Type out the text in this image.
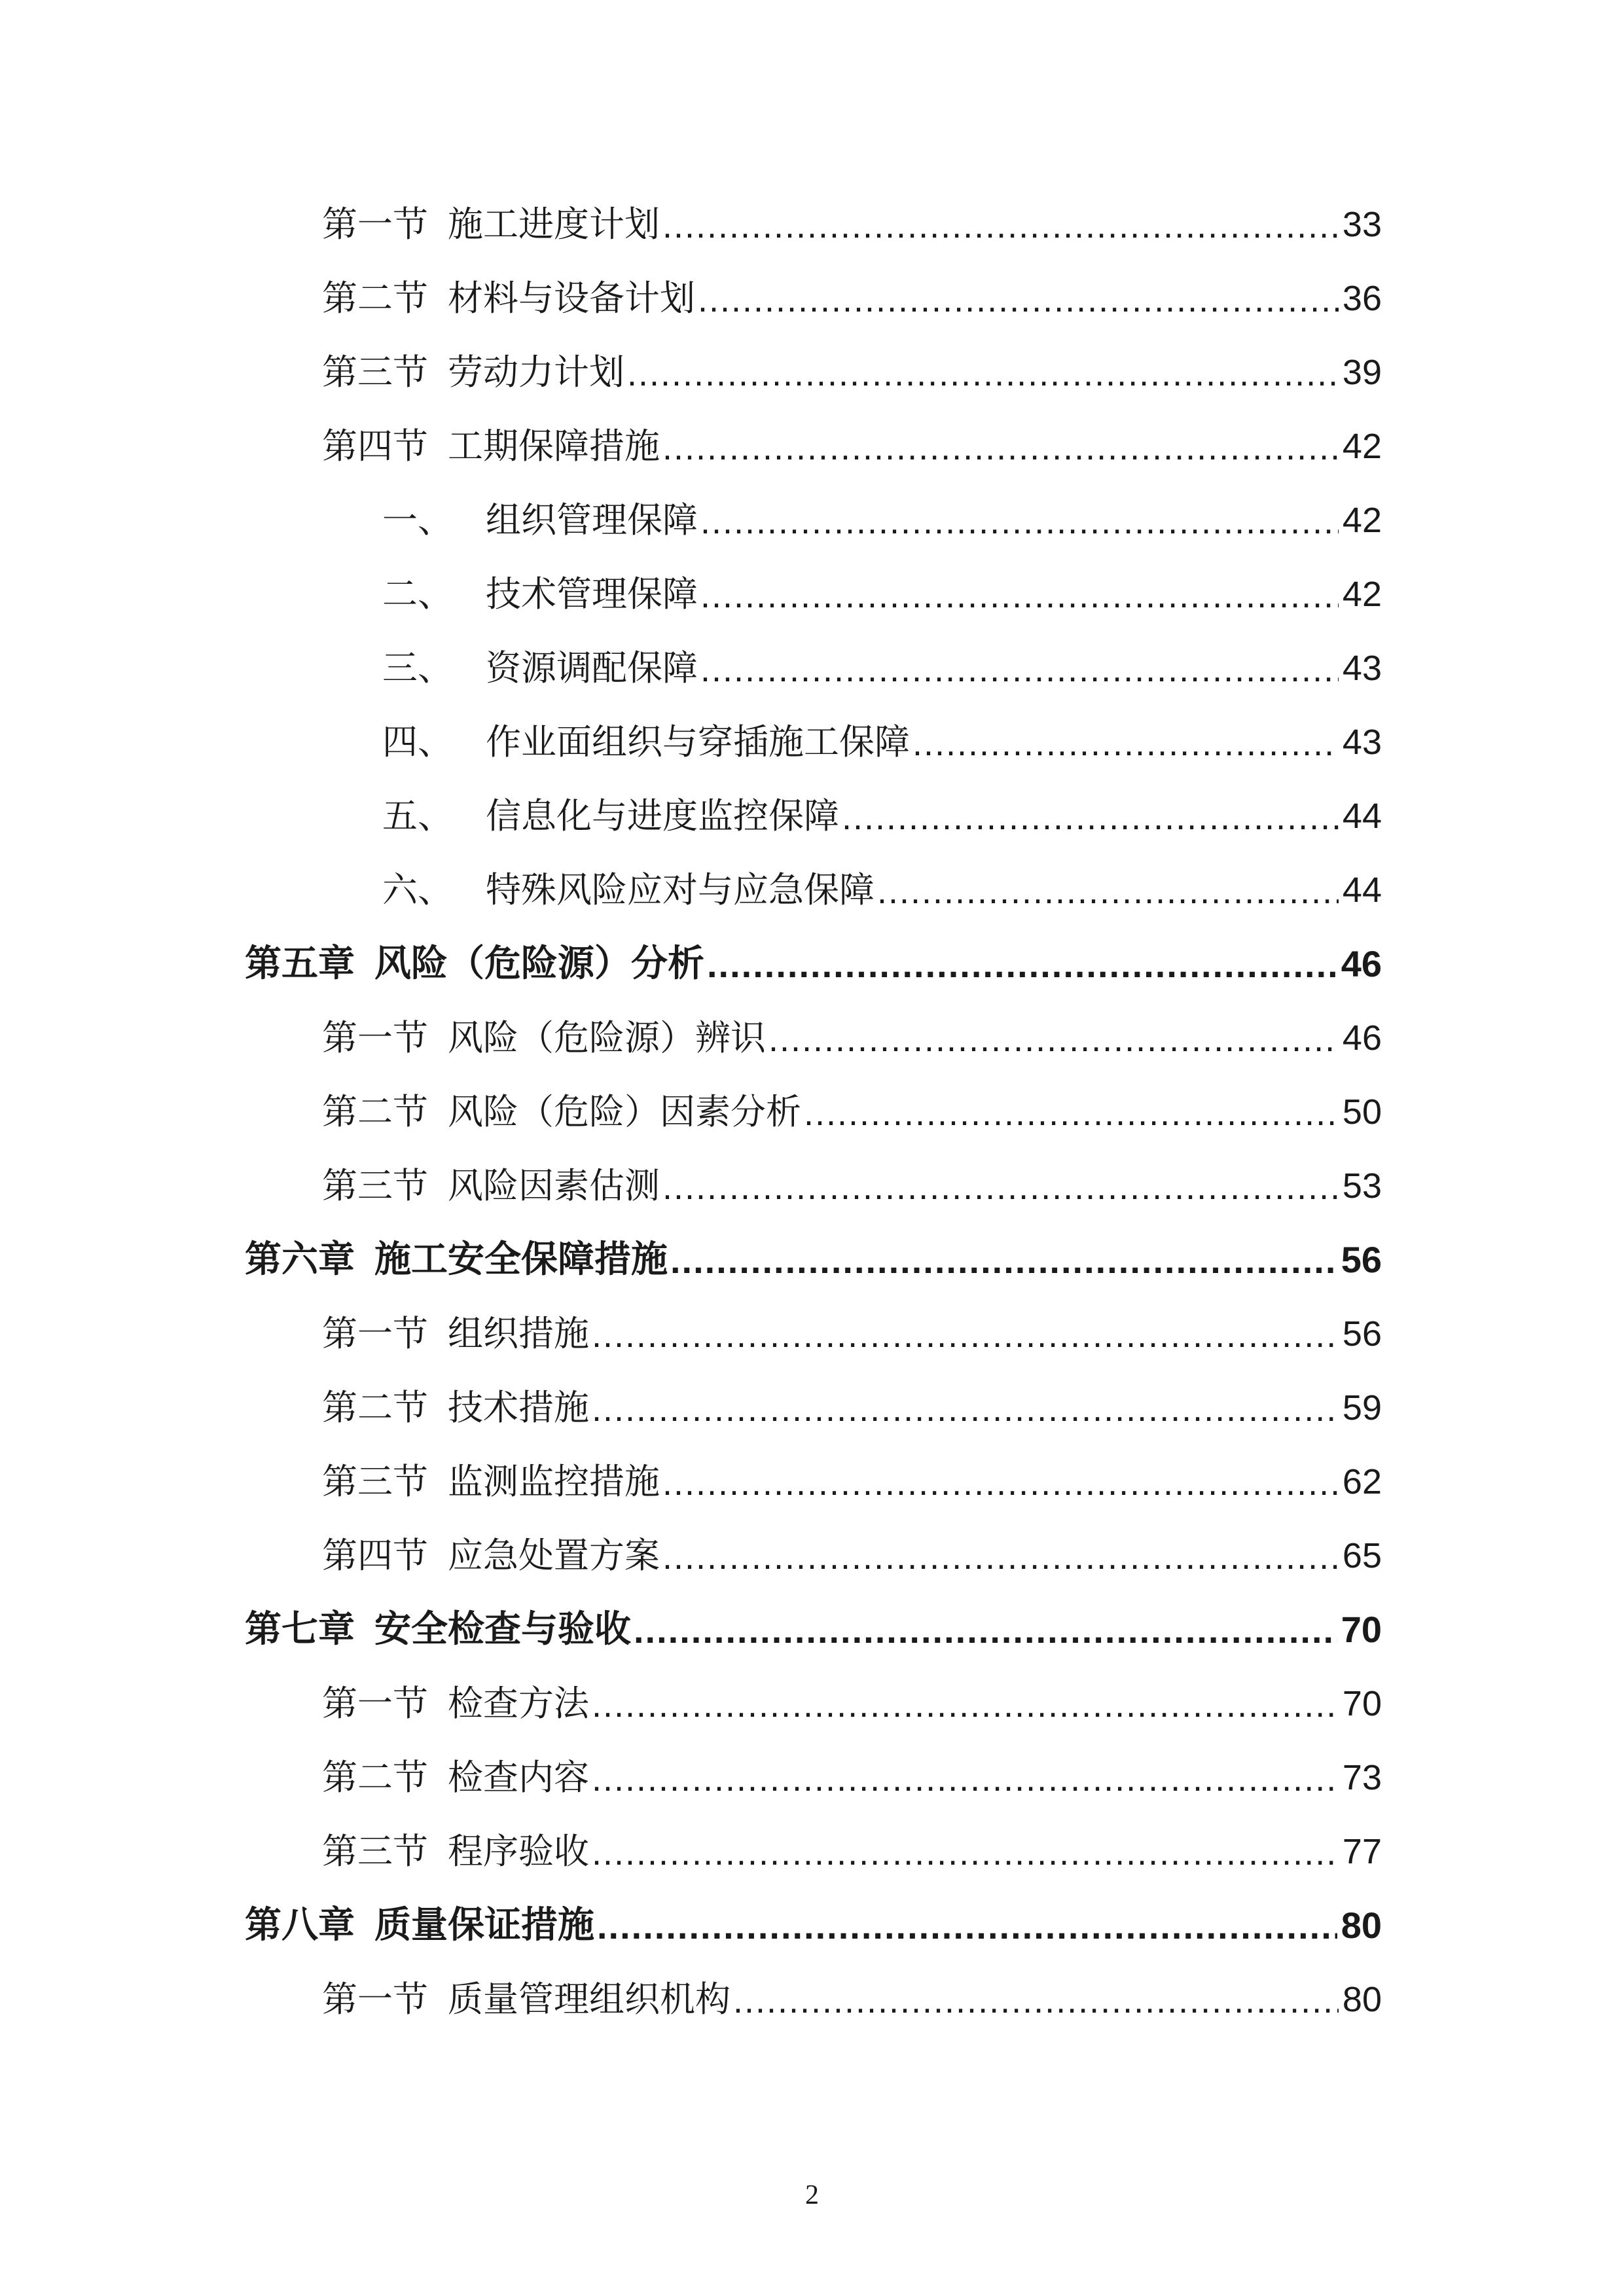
第一节 施工进度计划 .....	33
第二节 材料与设备计划 .....	36
第三节 劳动力计划 .....	39
第四节 工期保障措施 .....	42
一、 组织管理保障 .....	42
二、 技术管理保障 .....	42
三、 资源调配保障 .....	43
四、 作业面组织与穿插施工保障 .....	43
五、 信息化与进度监控保障 .....	44
六、 特殊风险应对与应急保障 .....	44
第五章 风险（危险源）分析 .....	46
第一节 风险（危险源）辨识 .....	46
第二节 风险（危险）因素分析 .....	50
第三节 风险因素估测 .....	53
第六章 施工安全保障措施 .....	56
第一节 组织措施 .....	56
第二节 技术措施 .....	59
第三节 监测监控措施 .....	62
第四节 应急处置方案 .....	65
第七章 安全检查与验收 .....	70
第一节 检查方法 .....	70
第二节 检查内容 .....	73
第三节 程序验收 .....	77
第八章 质量保证措施 .....	80
第一节 质量管理组织机构 .....	80
2
